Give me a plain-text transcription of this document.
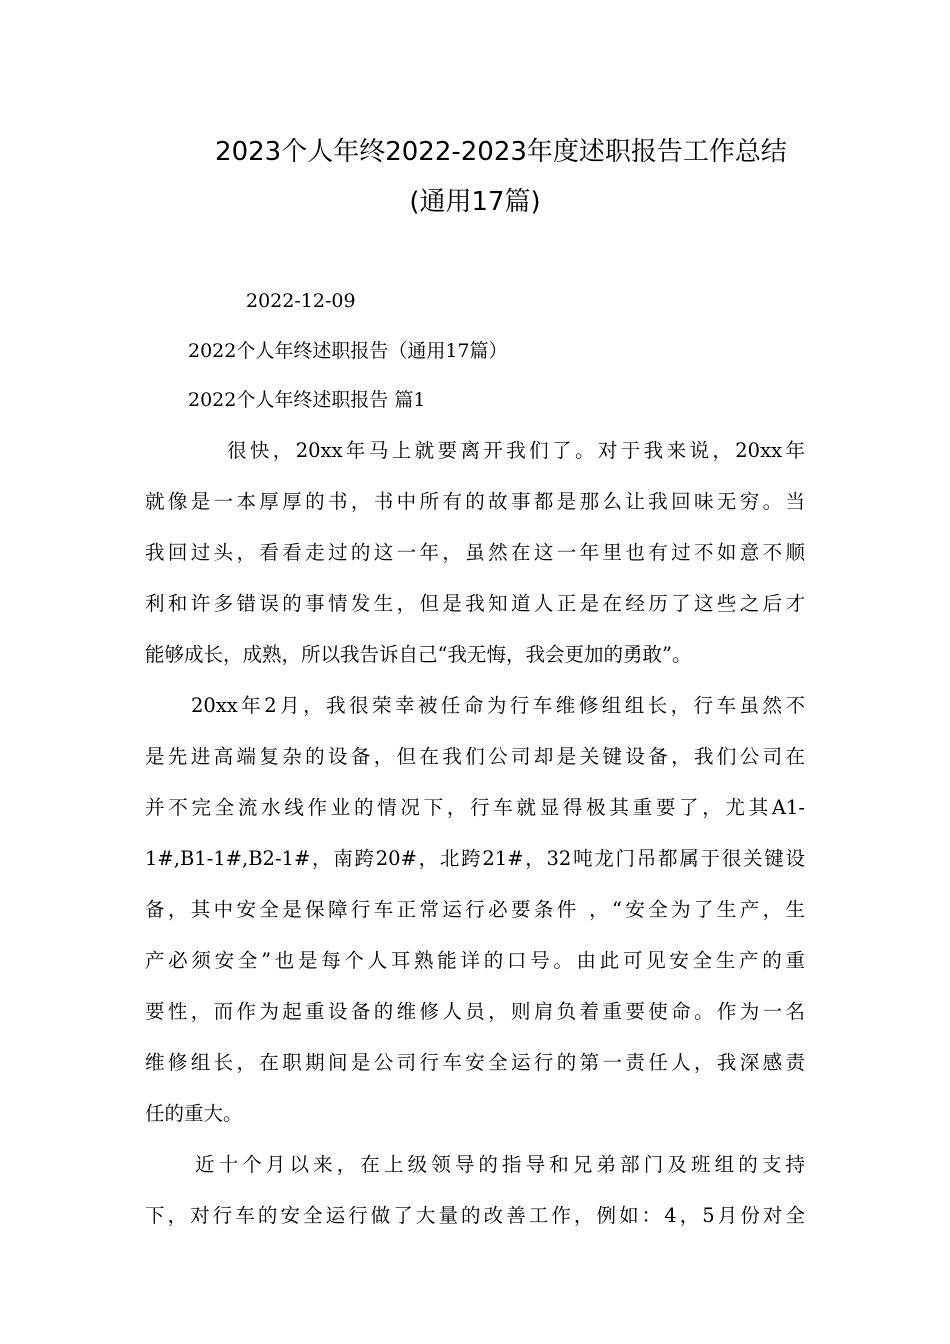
2023个人年终2022-2023年度述职报告工作总结
(通用17篇)

2022-12-09

2022个人年终述职报告（通用17篇）

2022个人年终述职报告 篇1

很快，20xx年马上就要离开我们了。对于我来说，20xx年
就像是一本厚厚的书，书中所有的故事都是那么让我回味无穷。当
我回过头，看看走过的这一年，虽然在这一年里也有过不如意不顺
利和许多错误的事情发生，但是我知道人正是在经历了这些之后才
能够成长，成熟，所以我告诉自己“我无悔，我会更加的勇敢”。
20xx年2月，我很荣幸被任命为行车维修组组长，行车虽然不
是先进高端复杂的设备，但在我们公司却是关键设备，我们公司在
并不完全流水线作业的情况下，行车就显得极其重要了，尤其A1-
1#,B1-1#,B2-1#，南跨20#，北跨21#，32吨龙门吊都属于很关键设
备，其中安全是保障行车正常运行必要条件 ，“安全为了生产，生
产必须安全”也是每个人耳熟能详的口号。由此可见安全生产的重
要性，而作为起重设备的维修人员，则肩负着重要使命。作为一名
维修组长，在职期间是公司行车安全运行的第一责任人，我深感责
任的重大。
近十个月以来，在上级领导的指导和兄弟部门及班组的支持
下，对行车的安全运行做了大量的改善工作，例如：4，5月份对全
